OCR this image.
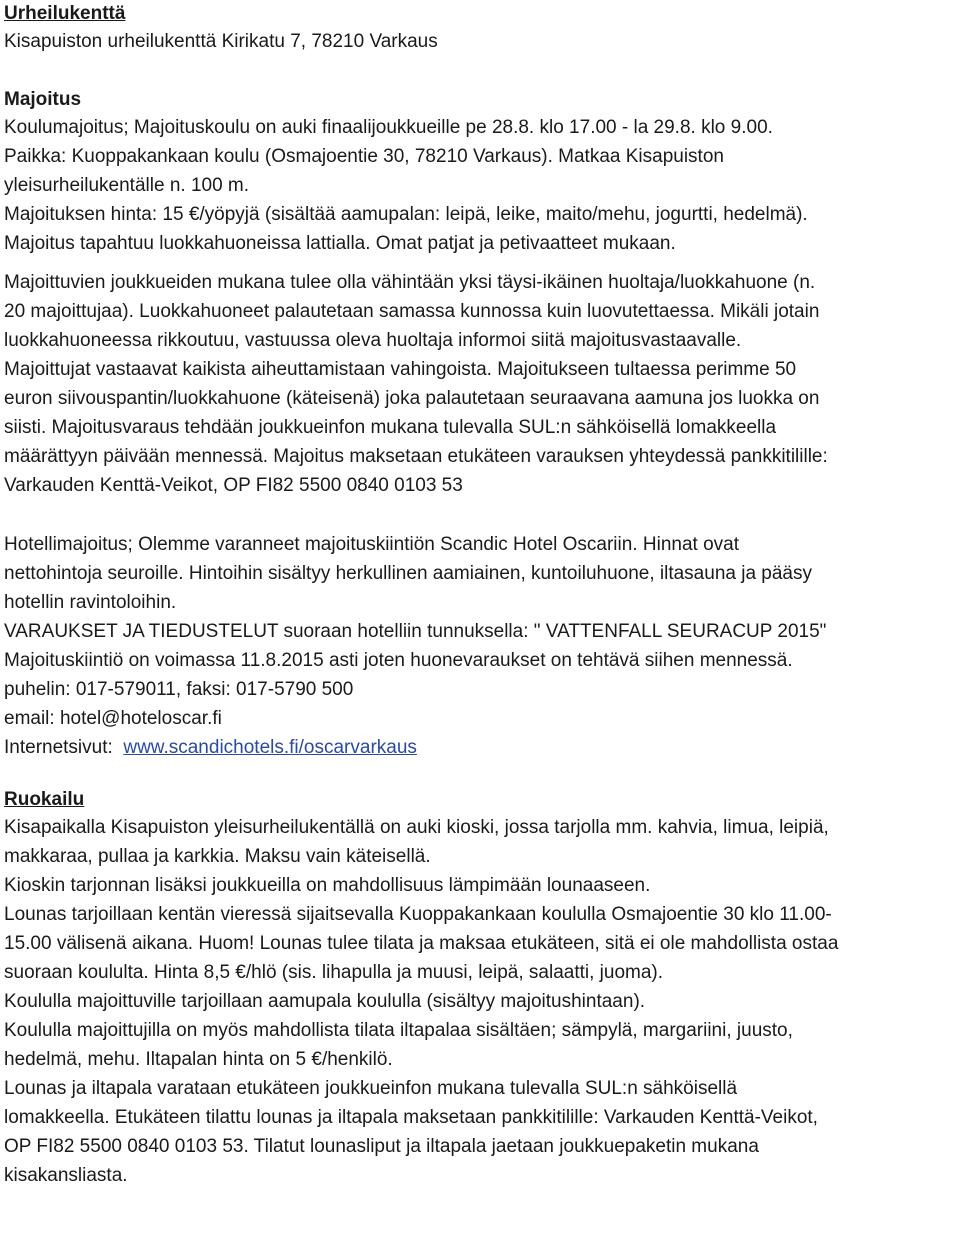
Urheilukenttä
Kisapuiston urheilukenttä Kirikatu 7, 78210 Varkaus
Majoitus
Koulumajoitus; Majoituskoulu on auki finaalijoukkueille pe 28.8. klo 17.00 - la 29.8. klo 9.00.
Paikka: Kuoppakankaan koulu (Osmajoentie 30, 78210 Varkaus). Matkaa Kisapuiston
yleisurheilukentälle n. 100 m.
Majoituksen hinta: 15 €/yöpyjä (sisältää aamupalan: leipä, leike, maito/mehu, jogurtti, hedelmä).
Majoitus tapahtuu luokkahuoneissa lattialla. Omat patjat ja petivaatteet mukaan.
Majoittuvien joukkueiden mukana tulee olla vähintään yksi täysi-ikäinen huoltaja/luokkahuone (n.
20 majoittujaa). Luokkahuoneet palautetaan samassa kunnossa kuin luovutettaessa. Mikäli jotain
luokkahuoneessa rikkoutuu, vastuussa oleva huoltaja informoi siitä majoitusvastaavalle.
Majoittujat vastaavat kaikista aiheuttamistaan vahingoista. Majoitukseen tultaessa perimme 50
euron siivouspantin/luokkahuone (käteisenä) joka palautetaan seuraavana aamuna jos luokka on
siisti. Majoitusvaraus tehdään joukkueinfon mukana tulevalla SUL:n sähköisellä lomakkeella
määrättyyn päivään mennessä. Majoitus maksetaan etukäteen varauksen yhteydessä pankkitilille:
Varkauden Kenttä-Veikot, OP FI82 5500 0840 0103 53
Hotellimajoitus; Olemme varanneet majoituskiintiön Scandic Hotel Oscariin. Hinnat ovat
nettohintoja seuroille. Hintoihin sisältyy herkullinen aamiainen, kuntoiluhuone, iltasauna ja pääsy
hotellin ravintoloihin.
VARAUKSET JA TIEDUSTELUT suoraan hotelliin tunnuksella: " VATTENFALL SEURACUP 2015"
Majoituskiintiö on voimassa 11.8.2015 asti joten huonevaraukset on tehtävä siihen mennessä.
puhelin: 017-579011, faksi: 017-5790 500
email: hotel@hoteloscar.fi
Internetsivut: www.scandichotels.fi/oscarvarkaus
Ruokailu
Kisapaikalla Kisapuiston yleisurheilukentällä on auki kioski, jossa tarjolla mm. kahvia, limua, leipiä,
makkaraa, pullaa ja karkkia. Maksu vain käteisellä.
Kioskin tarjonnan lisäksi joukkueilla on mahdollisuus lämpimään lounaaseen.
Lounas tarjoillaan kentän vieressä sijaitsevalla Kuoppakankaan koululla Osmajoentie 30 klo 11.00-
15.00 välisenä aikana. Huom! Lounas tulee tilata ja maksaa etukäteen, sitä ei ole mahdollista ostaa
suoraan koululta. Hinta 8,5 €/hlö (sis. lihapulla ja muusi, leipä, salaatti, juoma).
Koululla majoittuville tarjoillaan aamupala koululla (sisältyy majoitushintaan).
Koululla majoittujilla on myös mahdollista tilata iltapalaa sisältäen; sämpylä, margariini, juusto,
hedelmä, mehu. Iltapalan hinta on 5 €/henkilö.
Lounas ja iltapala varataan etukäteen joukkueinfon mukana tulevalla SUL:n sähköisellä
lomakkeella. Etukäteen tilattu lounas ja iltapala maksetaan pankkitilille: Varkauden Kenttä-Veikot,
OP FI82 5500 0840 0103 53. Tilatut lounasliput ja iltapala jaetaan joukkuepaketin mukana
kisakansliasta.
